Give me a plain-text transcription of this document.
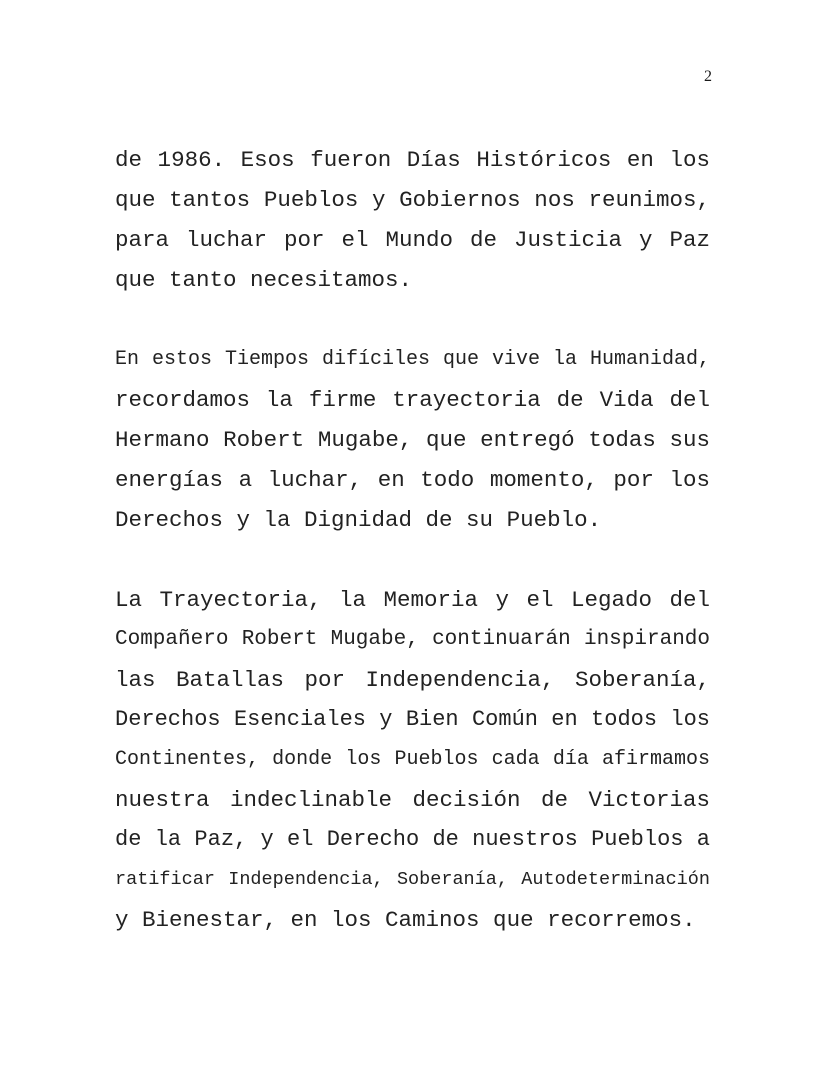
2
de 1986. Esos fueron Días Históricos en los
que tantos Pueblos y Gobiernos nos reunimos,
para luchar por el Mundo de Justicia y Paz
que tanto necesitamos.
En estos Tiempos difíciles que vive la Humanidad,
recordamos la firme trayectoria de Vida del
Hermano Robert Mugabe, que entregó todas sus
energías a luchar, en todo momento, por los
Derechos y la Dignidad de su Pueblo.
La Trayectoria, la Memoria y el Legado del
Compañero Robert Mugabe, continuarán inspirando
las Batallas por Independencia, Soberanía,
Derechos Esenciales y Bien Común en todos los
Continentes, donde los Pueblos cada día afirmamos
nuestra indeclinable decisión de Victorias
de la Paz, y el Derecho de nuestros Pueblos a
ratificar Independencia, Soberanía, Autodeterminación
y Bienestar, en los Caminos que recorremos.
